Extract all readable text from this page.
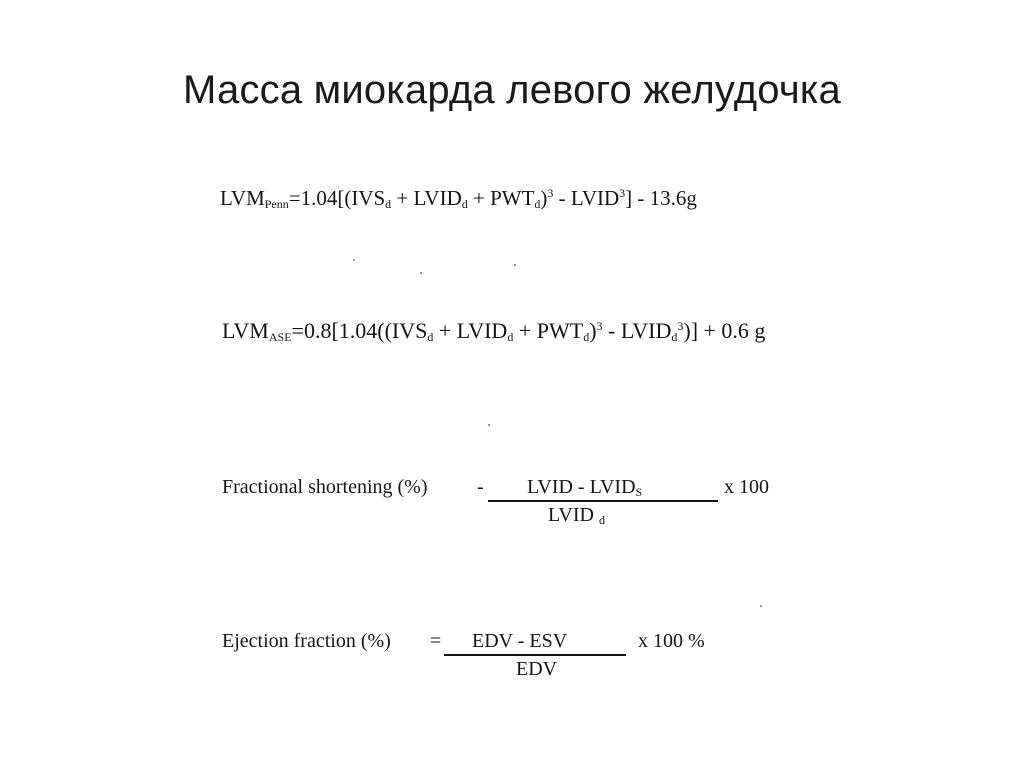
Масса миокарда левого желудочка
$LVM_{Penn}=1.04[(IVS_d$ + $LVID_d + PWT_d)^3$ - LVID$^3$] - 13.6g
$LVM_{ASE}=0.8[1.04((IVS_d$ + $LVID_d + PWT_d)^3$ - $LVID_d^3)] + 0.6$ g
Fractional shortening (%) - LVID - $LVID_S$
LVID $_d$
x 100
Ejection fraction (%) = EDV - ESV
EDV
x 100 %
